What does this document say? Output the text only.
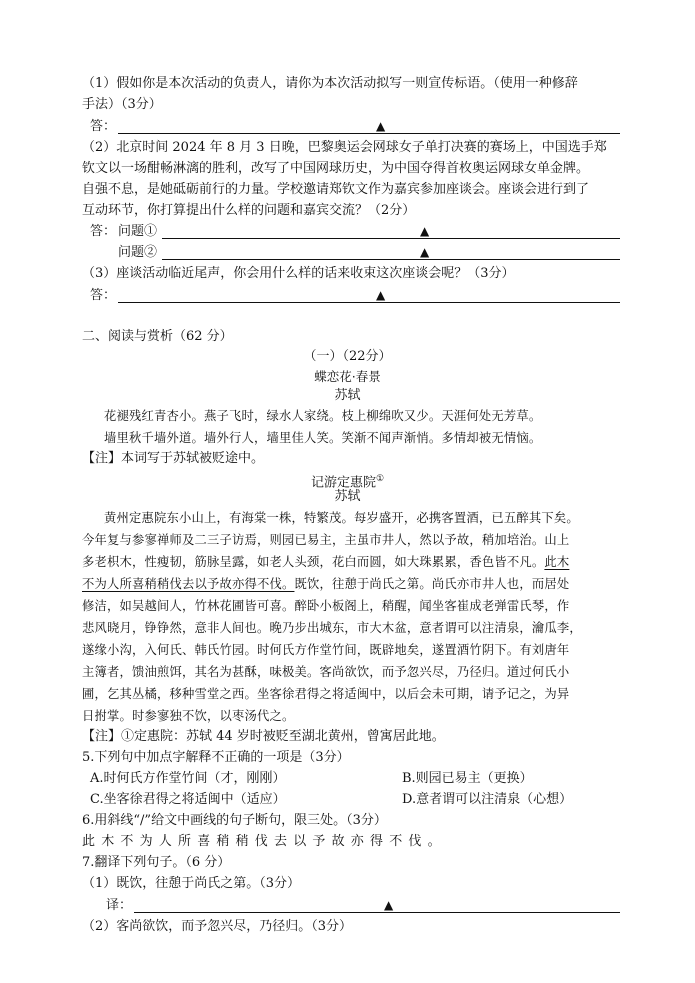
（1）假如你是本次活动的负责人，请你为本次活动拟写一则宣传标语。（使用一种修辞
手法）（3分）
答：	▲
（2）北京时间 2024 年 8 月 3 日晚，巴黎奥运会网球女子单打决赛的赛场上，中国选手郑
钦文以一场酣畅淋漓的胜利，改写了中国网球历史，为中国夺得首枚奥运网球女单金牌。
自强不息，是她砥砺前行的力量。学校邀请郑钦文作为嘉宾参加座谈会。座谈会进行到了
互动环节，你打算提出什么样的问题和嘉宾交流？（2分）
答： 问题①	▲
问题②	▲
（3）座谈活动临近尾声，你会用什么样的话来收束这次座谈会呢？（3分）
答：	▲
二、阅读与赏析（62 分）
（一）（22分）
蝶恋花·春景
苏轼
花褪残红青杏小。燕子飞时，绿水人家绕。枝上柳绵吹又少。天涯何处无芳草。
墙里秋千墙外道。墙外行人，墙里佳人笑。笑渐不闻声渐悄。多情却被无情恼。
【注】本词写于苏轼被贬途中。
记游定惠院①
苏轼
黄州定惠院东小山上，有海棠一株，特繁茂。每岁盛开，必携客置酒，已五醉其下矣。
今年复与参寥禅师及二三子访焉，则园已易主，主虽市井人，然以予故，稍加培治。山上
多老枳木，性瘦韧，筋脉呈露，如老人头颈，花白而圆，如大珠累累，香色皆不凡。此木
不为人所喜稍稍伐去以予故亦得不伐。既饮，往憩于尚氏之第。尚氏亦市井人也，而居处
修洁，如吴越间人，竹林花圃皆可喜。醉卧小板阁上，稍醒，闻坐客崔成老弹雷氏琴，作
悲风晓月，铮铮然，意非人间也。晚乃步出城东，市大木盆，意者谓可以注清泉，瀹瓜李，
遂缘小沟，入何氏、韩氏竹园。时何氏方作堂竹间，既辟地矣，遂置酒竹阴下。有刘唐年
主簿者，馈油煎饵，其名为甚酥，味极美。客尚欲饮，而予忽兴尽，乃径归。道过何氏小
圃，乞其丛橘，移种雪堂之西。坐客徐君得之将适闽中，以后会未可期，请予记之，为异
日拊掌。时参寥独不饮，以枣汤代之。
【注】①定惠院：苏轼 44 岁时被贬至湖北黄州，曾寓居此地。
5.下列句中加点字解释不正确的一项是（3分）
A.时何氏方作堂竹间（才，刚刚）	B.则园已易主（更换）
C.坐客徐君得之将适闽中（适应）	D.意者谓可以注清泉（心想）
6.用斜线“/”给文中画线的句子断句，限三处。（3分）
此木不为人所喜稍稍伐去以予故亦得不伐。
7.翻译下列句子。（6 分）
（1）既饮，往憩于尚氏之第。（3分）
译：	▲
（2）客尚欲饮，而予忽兴尽，乃径归。（3分）
